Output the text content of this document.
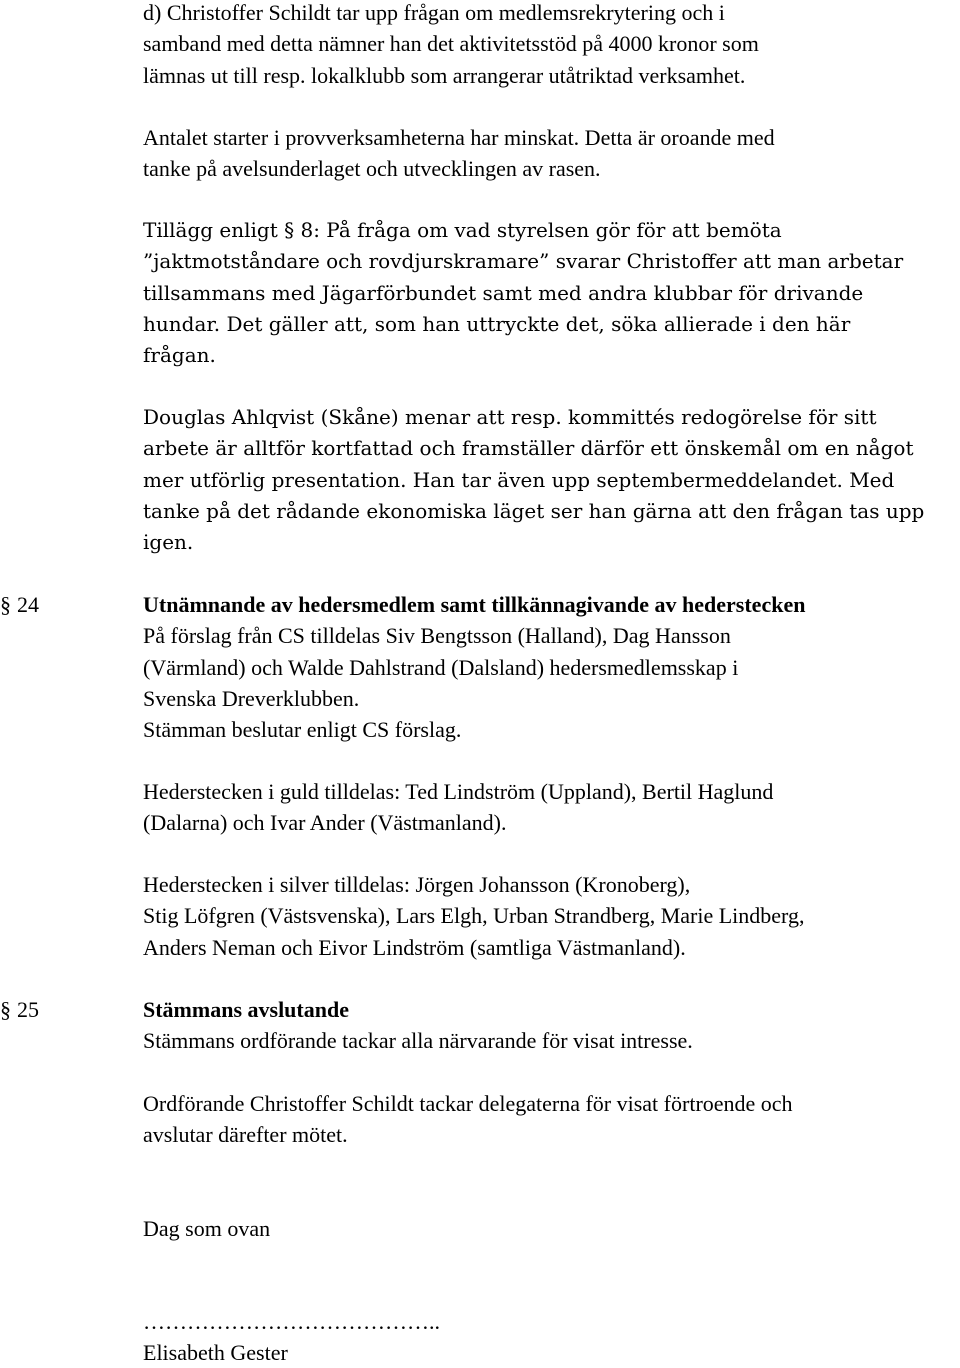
d) Christoffer Schildt tar upp frågan om medlemsrekrytering och i
samband med detta nämner han det aktivitetsstöd på 4000 kronor som
lämnas ut till resp. lokalklubb som arrangerar utåtriktad verksamhet.
Antalet starter i provverksamheterna har minskat. Detta är oroande med
tanke på avelsunderlaget och utvecklingen av rasen.
Tillägg enligt § 8: På fråga om vad styrelsen gör för att bemöta
”jaktmotståndare och rovdjurskramare” svarar Christoffer att man arbetar
tillsammans med Jägarförbundet samt med andra klubbar för drivande
hundar. Det gäller att, som han uttryckte det, söka allierade i den här
frågan.
Douglas Ahlqvist (Skåne) menar att resp. kommittés redogörelse för sitt
arbete är alltför kortfattad och framställer därför ett önskemål om en något
mer utförlig presentation. Han tar även upp septembermeddelandet. Med
tanke på det rådande ekonomiska läget ser han gärna att den frågan tas upp
igen.
§ 24	Utnämnande av hedersmedlem samt tillkännagivande av hederstecken
På förslag från CS tilldelas Siv Bengtsson (Halland), Dag Hansson
(Värmland) och Walde Dahlstrand (Dalsland) hedersmedlemsskap i
Svenska Dreverklubben.
Stämman beslutar enligt CS förslag.
Hederstecken i guld tilldelas: Ted Lindström (Uppland), Bertil Haglund
(Dalarna) och Ivar Ander (Västmanland).
Hederstecken i silver tilldelas: Jörgen Johansson (Kronoberg),
Stig Löfgren (Västsvenska), Lars Elgh, Urban Strandberg, Marie Lindberg,
Anders Neman och Eivor Lindström (samtliga Västmanland).
§ 25	Stämmans avslutande
Stämmans ordförande tackar alla närvarande för visat intresse.
Ordförande Christoffer Schildt tackar delegaterna för visat förtroende och
avslutar därefter mötet.
Dag som ovan
…………………………………..
Elisabeth Gester
